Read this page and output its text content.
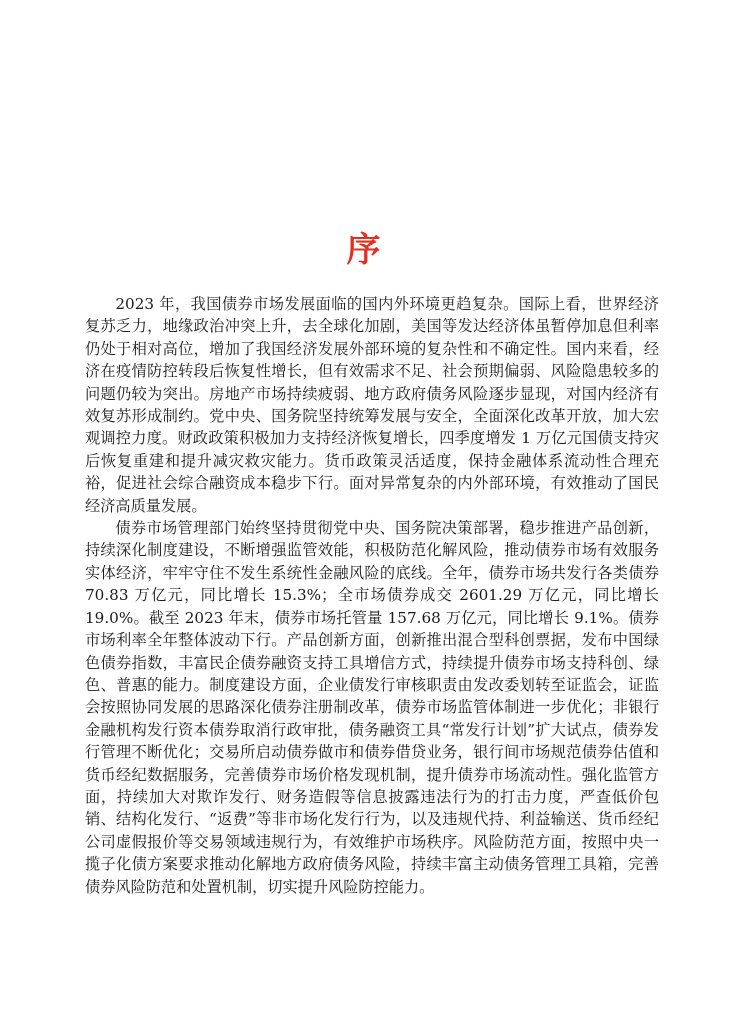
序

2023 年，我国债券市场发展面临的国内外环境更趋复杂。国际上看，世界经济复苏乏力，地缘政治冲突上升，去全球化加剧，美国等发达经济体虽暂停加息但利率仍处于相对高位，增加了我国经济发展外部环境的复杂性和不确定性。国内来看，经济在疫情防控转段后恢复性增长，但有效需求不足、社会预期偏弱、风险隐患较多的问题仍较为突出。房地产市场持续疲弱、地方政府债务风险逐步显现，对国内经济有效复苏形成制约。党中央、国务院坚持统筹发展与安全，全面深化改革开放，加大宏观调控力度。财政政策积极加力支持经济恢复增长，四季度增发 1 万亿元国债支持灾后恢复重建和提升减灾救灾能力。货币政策灵活适度，保持金融体系流动性合理充裕，促进社会综合融资成本稳步下行。面对异常复杂的内外部环境，有效推动了国民经济高质量发展。

债券市场管理部门始终坚持贯彻党中央、国务院决策部署，稳步推进产品创新，持续深化制度建设，不断增强监管效能，积极防范化解风险，推动债券市场有效服务实体经济，牢牢守住不发生系统性金融风险的底线。全年，债券市场共发行各类债券 70.83 万亿元，同比增长 15.3%；全市场债券成交 2601.29 万亿元，同比增长 19.0%。截至 2023 年末，债券市场托管量 157.68 万亿元，同比增长 9.1%。债券市场利率全年整体波动下行。产品创新方面，创新推出混合型科创票据，发布中国绿色债券指数，丰富民企债券融资支持工具增信方式，持续提升债券市场支持科创、绿色、普惠的能力。制度建设方面，企业债发行审核职责由发改委划转至证监会，证监会按照协同发展的思路深化债券注册制改革，债券市场监管体制进一步优化；非银行金融机构发行资本债券取消行政审批，债务融资工具“常发行计划”扩大试点，债券发行管理不断优化；交易所启动债券做市和债券借贷业务，银行间市场规范债券估值和货币经纪数据服务，完善债券市场价格发现机制，提升债券市场流动性。强化监管方面，持续加大对欺诈发行、财务造假等信息披露违法行为的打击力度，严查低价包销、结构化发行、“返费”等非市场化发行行为，以及违规代持、利益输送、货币经纪公司虚假报价等交易领域违规行为，有效维护市场秩序。风险防范方面，按照中央一揽子化债方案要求推动化解地方政府债务风险，持续丰富主动债务管理工具箱，完善债券风险防范和处置机制，切实提升风险防控能力。
